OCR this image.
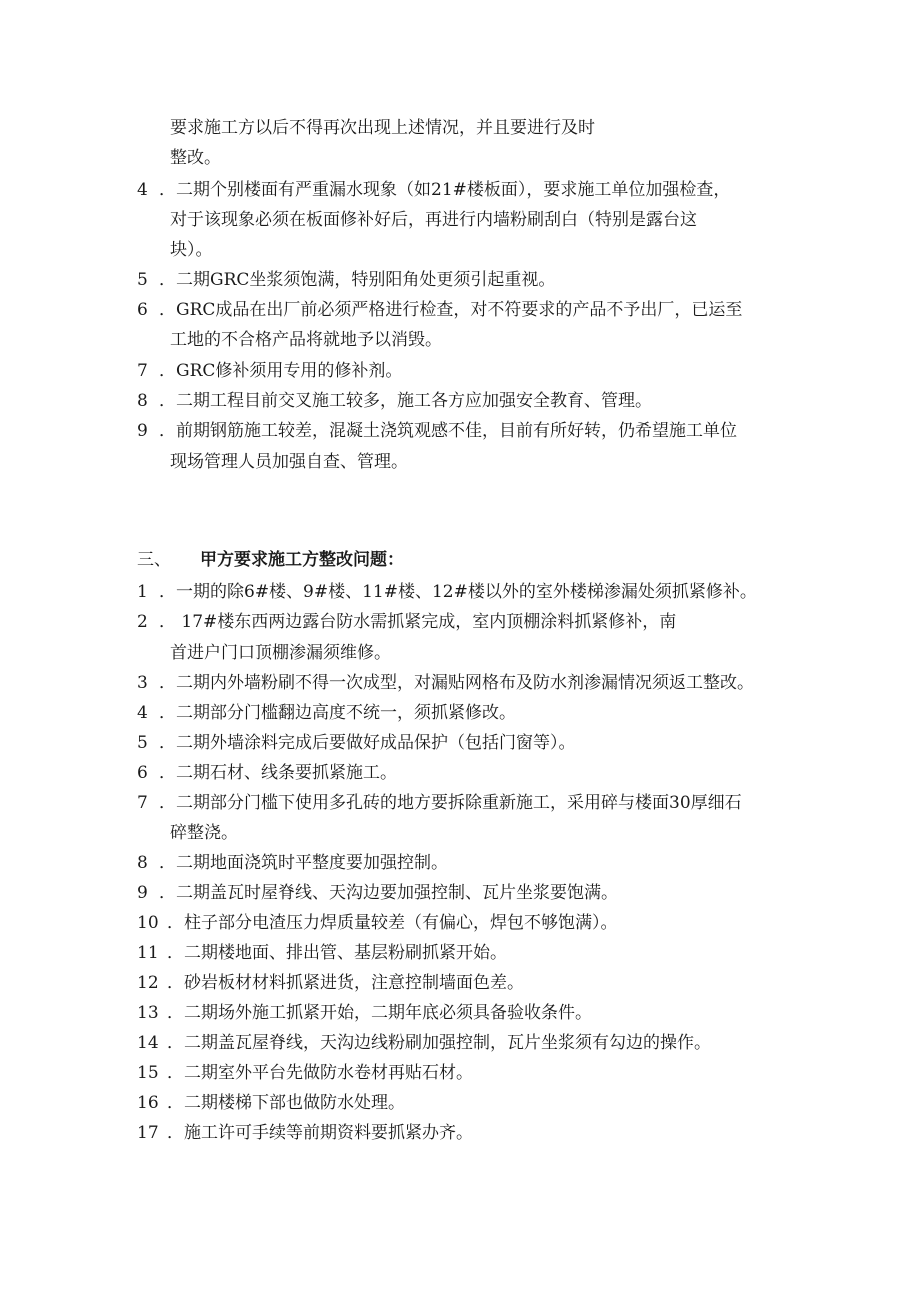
要求施工方以后不得再次出现上述情况，并且要进行及时
整改。
4 ．二期个别楼面有严重漏水现象（如21#楼板面），要求施工单位加强检查，
对于该现象必须在板面修补好后，再进行内墙粉刷刮白（特别是露台这
块）。
5 ．二期GRC坐浆须饱满，特别阳角处更须引起重视。
6 ．GRC成品在出厂前必须严格进行检查，对不符要求的产品不予出厂，已运至
工地的不合格产品将就地予以消毁。
7 ．GRC修补须用专用的修补剂。
8 ．二期工程目前交叉施工较多，施工各方应加强安全教育、管理。
9 ．前期钢筋施工较差，混凝土浇筑观感不佳，目前有所好转，仍希望施工单位
现场管理人员加强自查、管理。
三、 甲方要求施工方整改问题：
1 ．一期的除6#楼、9#楼、11#楼、12#楼以外的室外楼梯渗漏处须抓紧修补。
2 ． 17#楼东西两边露台防水需抓紧完成，室内顶棚涂料抓紧修补，南
首进户门口顶棚渗漏须维修。
3 ．二期内外墙粉刷不得一次成型，对漏贴网格布及防水剂渗漏情况须返工整改。
4 ．二期部分门槛翻边高度不统一，须抓紧修改。
5 ．二期外墙涂料完成后要做好成品保护（包括门窗等）。
6 ．二期石材、线条要抓紧施工。
7 ．二期部分门槛下使用多孔砖的地方要拆除重新施工，采用碎与楼面30厚细石
碎整浇。
8 ．二期地面浇筑时平整度要加强控制。
9 ．二期盖瓦时屋脊线、天沟边要加强控制、瓦片坐浆要饱满。
10 ．柱子部分电渣压力焊质量较差（有偏心，焊包不够饱满）。
11 ．二期楼地面、排出管、基层粉刷抓紧开始。
12 ．砂岩板材材料抓紧进货，注意控制墙面色差。
13 ．二期场外施工抓紧开始，二期年底必须具备验收条件。
14 ．二期盖瓦屋脊线，天沟边线粉刷加强控制，瓦片坐浆须有勾边的操作。
15 ．二期室外平台先做防水卷材再贴石材。
16 ．二期楼梯下部也做防水处理。
17 ．施工许可手续等前期资料要抓紧办齐。
